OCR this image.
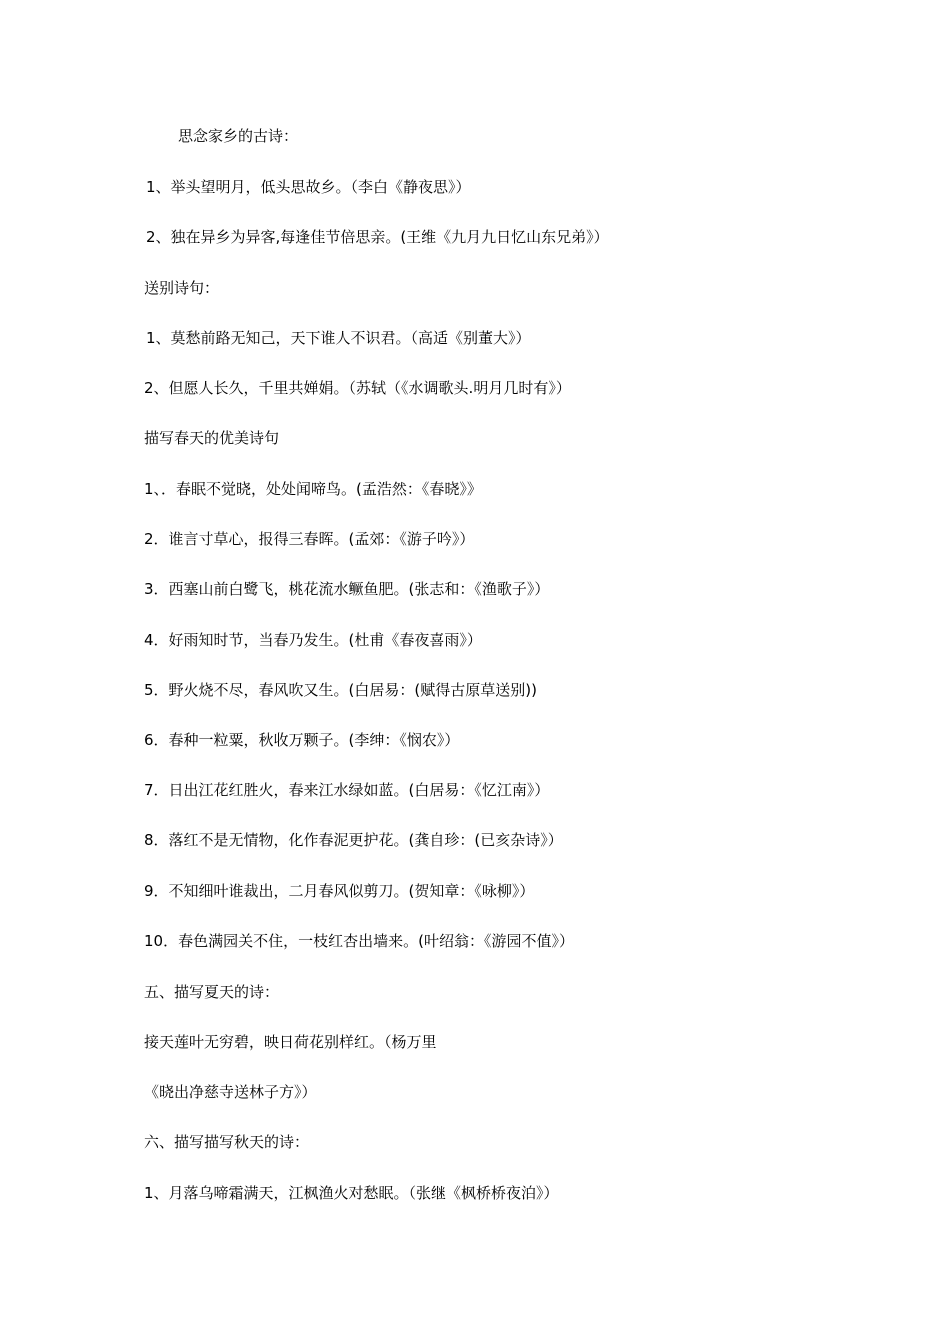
思念家乡的古诗：
1、举头望明月，低头思故乡。（李白《静夜思》）
2、独在异乡为异客,每逢佳节倍思亲。(王维《九月九日忆山东兄弟》）
送别诗句：
1、莫愁前路无知己，天下谁人不识君。（高适《别董大》）
2、但愿人长久，千里共婵娟。（苏轼（《水调歌头.明月几时有》）
描写春天的优美诗句
1、．春眠不觉晓，处处闻啼鸟。(孟浩然：《春晓》》
2．谁言寸草心，报得三春晖。(孟郊：《游子吟》）
3．西塞山前白鹭飞，桃花流水鳜鱼肥。(张志和：《渔歌子》）
4．好雨知时节，当春乃发生。(杜甫《春夜喜雨》）
5．野火烧不尽，春风吹又生。(白居易：(赋得古原草送别))
6．春种一粒粟，秋收万颗子。(李绅：《悯农》）
7．日出江花红胜火，春来江水绿如蓝。(白居易：《忆江南》）
8．落红不是无情物，化作春泥更护花。(龚自珍：(已亥杂诗》）
9．不知细叶谁裁出，二月春风似剪刀。(贺知章：《咏柳》）
10．春色满园关不住，一枝红杏出墙来。(叶绍翁：《游园不值》）
五、描写夏天的诗：
接天莲叶无穷碧，映日荷花别样红。（杨万里
《晓出净慈寺送林子方》）
六、描写描写秋天的诗：
1、月落乌啼霜满天，江枫渔火对愁眠。（张继《枫桥桥夜泊》）
